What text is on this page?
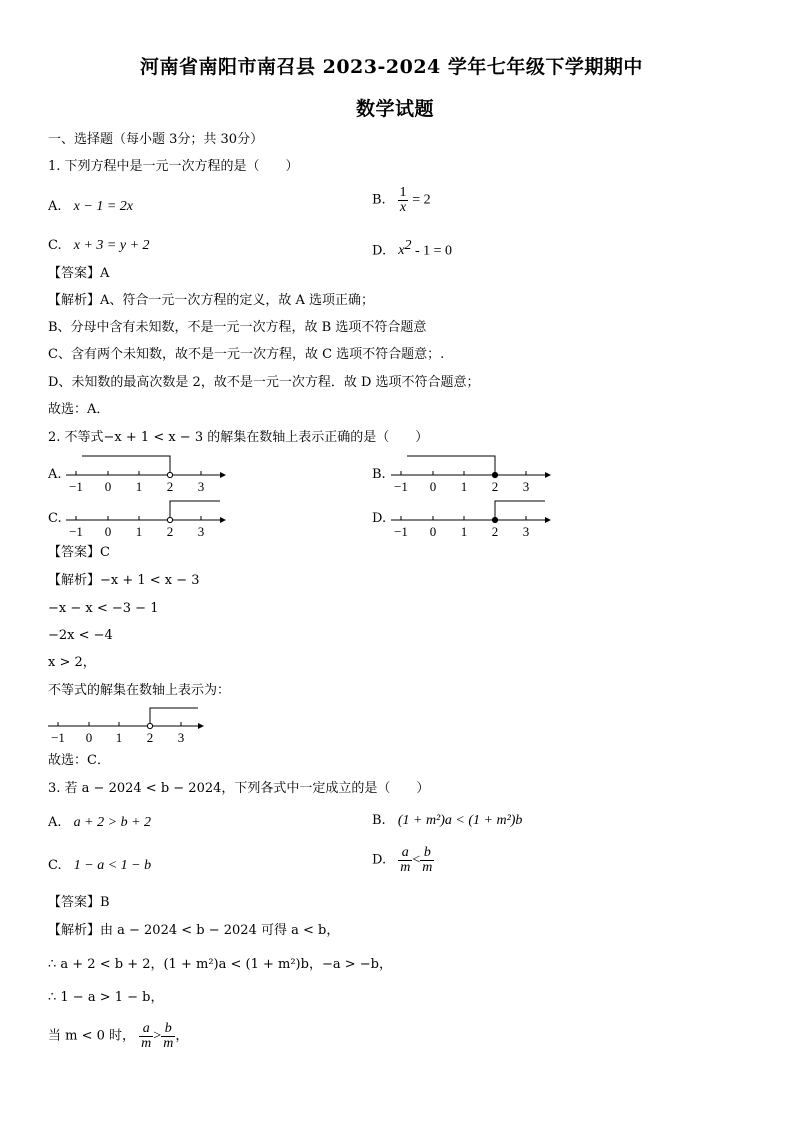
河南省南阳市南召县 2023-2024 学年七年级下学期期中
数学试题
一、选择题（每小题 3分；共 30分）
1. 下列方程中是一元一次方程的是（　　）
A. x − 1 = 2x	B. $\frac{1}{x} = 2$
C. x + 3 = y + 2	D. $x^2 - 1 = 0$
【答案】A
【解析】A、符合一元一次方程的定义，故 A 选项正确；
B、分母中含有未知数，不是一元一次方程，故 B 选项不符合题意
C、含有两个未知数，故不是一元一次方程，故 C 选项不符合题意；.
D、未知数的最高次数是 2，故不是一元一次方程．故 D 选项不符合题意；
故选：A．
2. 不等式−x + 1 < x − 3 的解集在数轴上表示正确的是（　　）
A.	B.
C.	D.
−1 0 1 2 3	−1 0 1 2 3
−1 0 1 2 3	−1 0 1 2 3
【答案】C
【解析】−x + 1 < x − 3
−x − x < −3 − 1
−2x < −4
x > 2，
不等式的解集在数轴上表示为：
−1 0 1 2 3
故选：C．
3. 若 a − 2024 < b − 2024，下列各式中一定成立的是（　　）
A. a + 2 > b + 2	B. (1 + m²)a < (1 + m²)b
C. 1 − a < 1 − b	D. $\frac{a}{m} < \frac{b}{m}$
【答案】B
【解析】由 a − 2024 < b − 2024 可得 a < b，
∴ a + 2 < b + 2，(1 + m²)a < (1 + m²)b，−a > −b，
∴ 1 − a > 1 − b，
当 m < 0 时， $\frac{a}{m} > \frac{b}{m}$ ，
